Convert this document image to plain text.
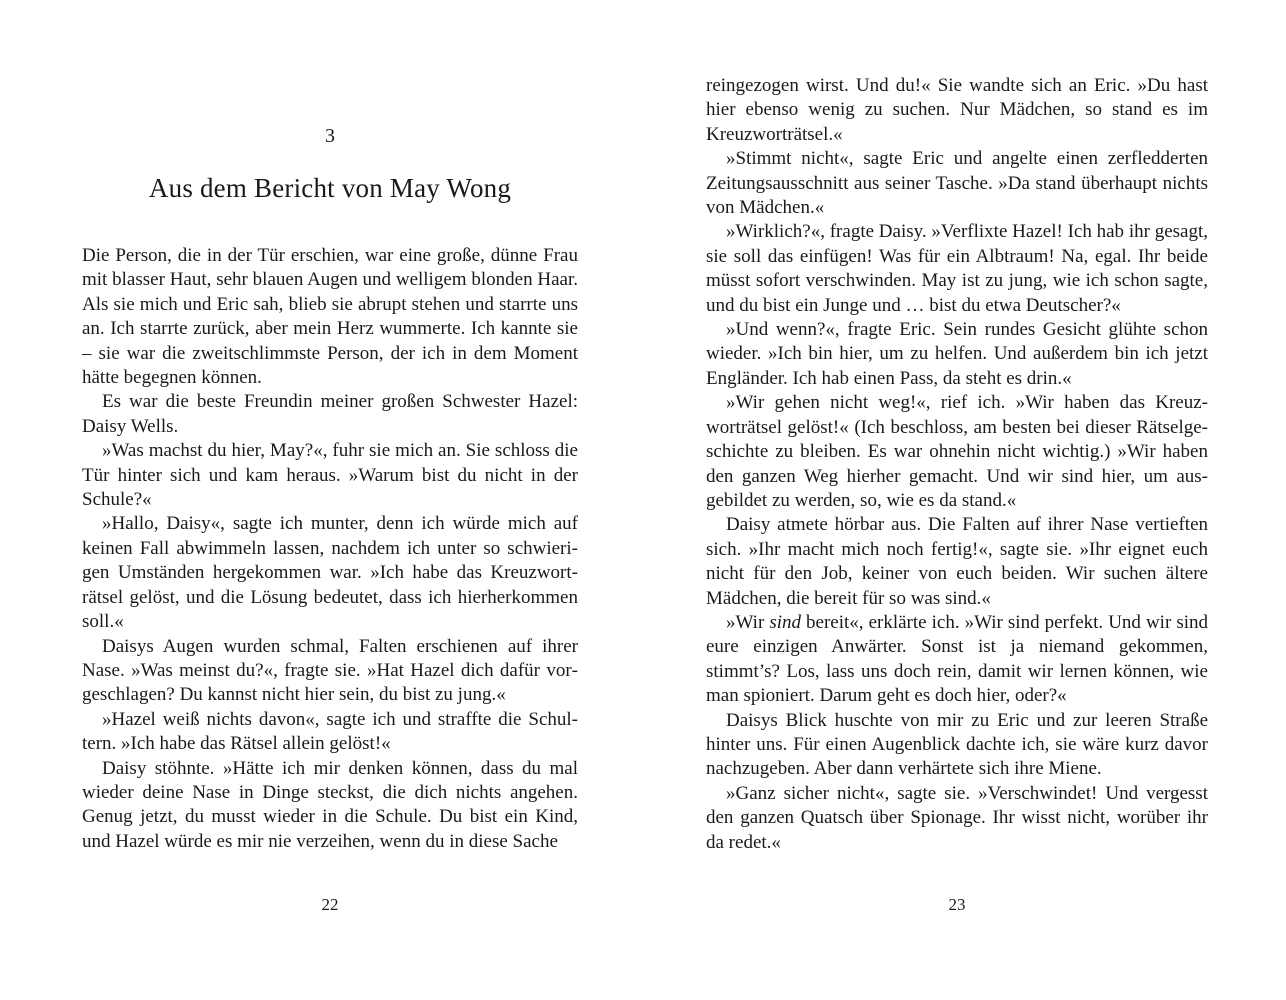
3
Aus dem Bericht von May Wong

Die Person, die in der Tür erschien, war eine große, dünne Frau mit blasser Haut, sehr blauen Augen und welligem blonden Haar. Als sie mich und Eric sah, blieb sie abrupt stehen und starrte uns an. Ich starrte zurück, aber mein Herz wummerte. Ich kannte sie – sie war die zweitschlimmste Person, der ich in dem Moment hätte begegnen können.

Es war die beste Freundin meiner großen Schwester Hazel: Daisy Wells.

»Was machst du hier, May?«, fuhr sie mich an. Sie schloss die Tür hinter sich und kam heraus. »Warum bist du nicht in der Schule?«

»Hallo, Daisy«, sagte ich munter, denn ich würde mich auf keinen Fall abwimmeln lassen, nachdem ich unter so schwierigen Umständen hergekommen war. »Ich habe das Kreuzworträtsel gelöst, und die Lösung bedeutet, dass ich hierherkommen soll.«

Daisys Augen wurden schmal, Falten erschienen auf ihrer Nase. »Was meinst du?«, fragte sie. »Hat Hazel dich dafür vorgeschlagen? Du kannst nicht hier sein, du bist zu jung.«

»Hazel weiß nichts davon«, sagte ich und straffte die Schultern. »Ich habe das Rätsel allein gelöst!«

Daisy stöhnte. »Hätte ich mir denken können, dass du mal wieder deine Nase in Dinge steckst, die dich nichts angehen. Genug jetzt, du musst wieder in die Schule. Du bist ein Kind, und Hazel würde es mir nie verzeihen, wenn du in diese Sache

22

reingezogen wirst. Und du!« Sie wandte sich an Eric. »Du hast hier ebenso wenig zu suchen. Nur Mädchen, so stand es im Kreuzworträtsel.«

»Stimmt nicht«, sagte Eric und angelte einen zerfledderten Zeitungsausschnitt aus seiner Tasche. »Da stand überhaupt nichts von Mädchen.«

»Wirklich?«, fragte Daisy. »Verflixte Hazel! Ich hab ihr gesagt, sie soll das einfügen! Was für ein Albtraum! Na, egal. Ihr beide müsst sofort verschwinden. May ist zu jung, wie ich schon sagte, und du bist ein Junge und … bist du etwa Deutscher?«

»Und wenn?«, fragte Eric. Sein rundes Gesicht glühte schon wieder. »Ich bin hier, um zu helfen. Und außerdem bin ich jetzt Engländer. Ich hab einen Pass, da steht es drin.«

»Wir gehen nicht weg!«, rief ich. »Wir haben das Kreuzworträtsel gelöst!« (Ich beschloss, am besten bei dieser Rätselgeschichte zu bleiben. Es war ohnehin nicht wichtig.) »Wir haben den ganzen Weg hierher gemacht. Und wir sind hier, um ausgebildet zu werden, so, wie es da stand.«

Daisy atmete hörbar aus. Die Falten auf ihrer Nase vertieften sich. »Ihr macht mich noch fertig!«, sagte sie. »Ihr eignet euch nicht für den Job, keiner von euch beiden. Wir suchen ältere Mädchen, die bereit für so was sind.«

»Wir sind bereit«, erklärte ich. »Wir sind perfekt. Und wir sind eure einzigen Anwärter. Sonst ist ja niemand gekommen, stimmt’s? Los, lass uns doch rein, damit wir lernen können, wie man spioniert. Darum geht es doch hier, oder?«

Daisys Blick huschte von mir zu Eric und zur leeren Straße hinter uns. Für einen Augenblick dachte ich, sie wäre kurz davor nachzugeben. Aber dann verhärtete sich ihre Miene.

»Ganz sicher nicht«, sagte sie. »Verschwindet! Und vergesst den ganzen Quatsch über Spionage. Ihr wisst nicht, worüber ihr da redet.«

23
